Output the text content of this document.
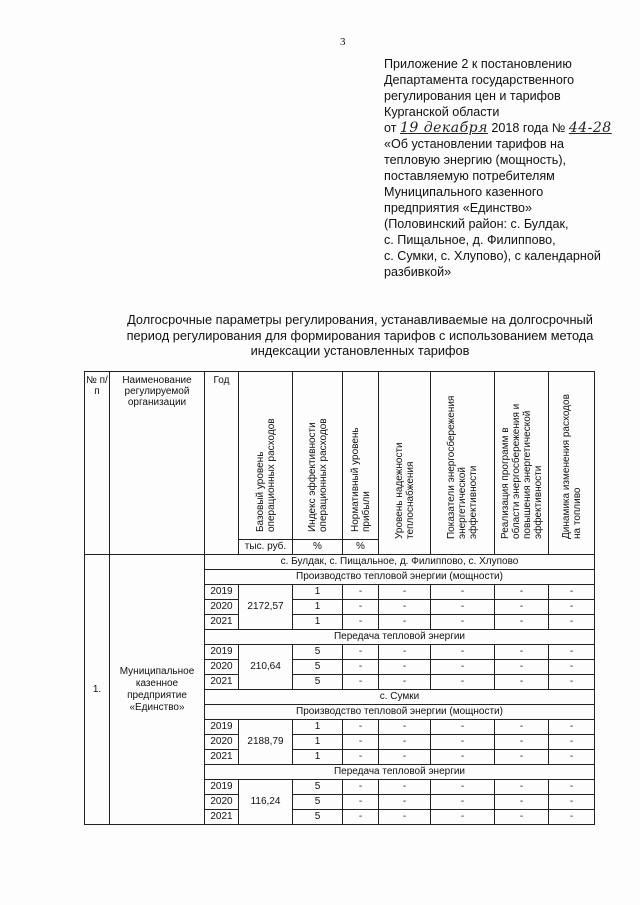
3
Приложение 2 к постановлению
Департамента государственного
регулирования цен и тарифов
Курганской области
от 19 декабря 2018 года № 44-28
«Об установлении тарифов на
тепловую энергию (мощность),
поставляемую потребителям
Муниципального казенного
предприятия «Единство»
(Половинский район: с. Булдак,
с. Пищальное, д. Филиппово,
с. Сумки, с. Хлупово), с календарной
разбивкой»
Долгосрочные параметры регулирования, устанавливаемые на долгосрочный
период регулирования для формирования тарифов с использованием метода
индексации установленных тарифов
№ п/п	Наименование регулируемой организации	Год	Базовый уровень операционных расходов	Индекс эффективности операционных расходов	Нормативный уровень прибыли	Уровень надежности теплоснабжения	Показатели энергосбережения энергетической эффективности	Реализация программ в области энергосбережения и повышения энергетической эффективности	Динамика изменения расходов на топливо

			тыс. руб.	%	%				
1.	Муниципальное казенное предприятие «Единство»	с. Булдак, с. Пищальное, д. Филиппово, с. Хлупово							
		Производство тепловой энергии (мощности)							
		2019	2172,57	1	-	-	-	-	-
		2020		1	-	-	-	-	-
		2021		1	-	-	-	-	-
		Передача тепловой энергии							
		2019	210,64	5	-	-	-	-	-
		2020		5	-	-	-	-	-
		2021		5	-	-	-	-	-
		с. Сумки							
		Производство тепловой энергии (мощности)							
		2019	2188,79	1	-	-	-	-	-
		2020		1	-	-	-	-	-
		2021		1	-	-	-	-	-
		Передача тепловой энергии							
		2019	116,24	5	-	-	-	-	-
		2020		5	-	-	-	-	-
		2021		5	-	-	-	-	-
